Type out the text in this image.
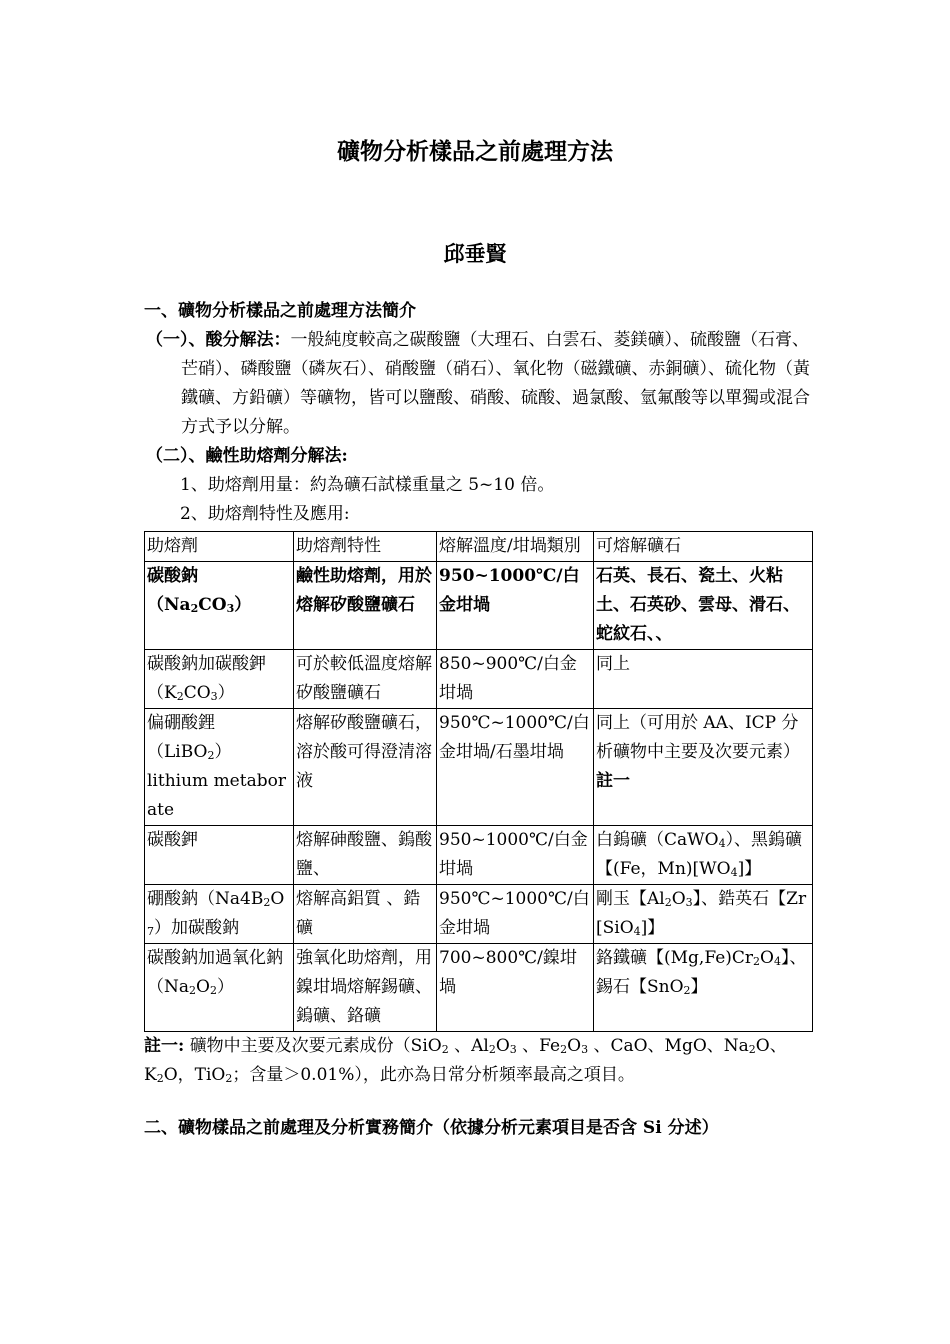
礦物分析樣品之前處理方法
邱垂賢

一、礦物分析樣品之前處理方法簡介

（一）、酸分解法：一般純度較高之碳酸鹽（大理石、白雲石、菱鎂礦）、硫酸鹽（石膏、芒硝）、磷酸鹽（磷灰石）、硝酸鹽（硝石）、氧化物（磁鐵礦、赤銅礦）、硫化物（黃鐵礦、方鉛礦）等礦物，皆可以鹽酸、硝酸、硫酸、過氯酸、氫氟酸等以單獨或混合方式予以分解。

（二）、鹼性助熔劑分解法:

1、助熔劑用量：約為礦石試樣重量之 5~10 倍。

2、助熔劑特性及應用:

助熔劑	助熔劑特性	熔解溫度/坩堝類別	可熔解礦石

碳酸鈉
$(Na_2CO_3)$	鹼性助熔劑，用於熔解矽酸鹽礦石	950~1000℃/白金坩堝	石英、長石、瓷土、火粘土、石英砂、雲母、滑石、蛇紋石、、

碳酸鈉加碳酸鉀
$(K_2CO_3)$	可於較低溫度熔解矽酸鹽礦石	850~900℃/白金坩堝	同上

偏硼酸鋰
（LiBO$_2$）
lithium metaborate	熔解矽酸鹽礦石，溶於酸可得澄清溶液	950℃~1000℃/白金坩堝/石墨坩堝	同上（可用於 AA、ICP 分析礦物中主要及次要元素）註一
碳酸鉀	熔解砷酸鹽、鎢酸鹽、	950~1000℃/白金坩堝	白鎢礦（CaWO$_4$）、黑鎢礦【(Fe，$Mn)[WO_4]$】
硼酸鈉$(Na4B_2O_7)$加碳酸鈉	熔解高鋁質 、鋯礦	950℃~1000℃/白金坩堝	剛玉【$Al_2O_3$】、鋯英石【Zr[SiO$_4$]】
碳酸鈉加過氧化鈉$(Na_2O_2)$	強氧化助熔劑，用鎳坩堝熔解錫礦、鎢礦、鉻礦	700~800℃/鎳坩堝	鉻鐵礦【$(Mg,Fe)Cr_2O_4$】、錫石【SnO$_2$】

註一: 礦物中主要及次要元素成份（SiO$_2$ 、$Al_2O_3$ 、$Fe_2O_3$ 、CaO、MgO、$Na_2O$、$K_2O$，TiO$_2$；含量＞0.01%），此亦為日常分析頻率最高之項目。

二、礦物樣品之前處理及分析實務簡介（依據分析元素項目是否含 Si 分述）
